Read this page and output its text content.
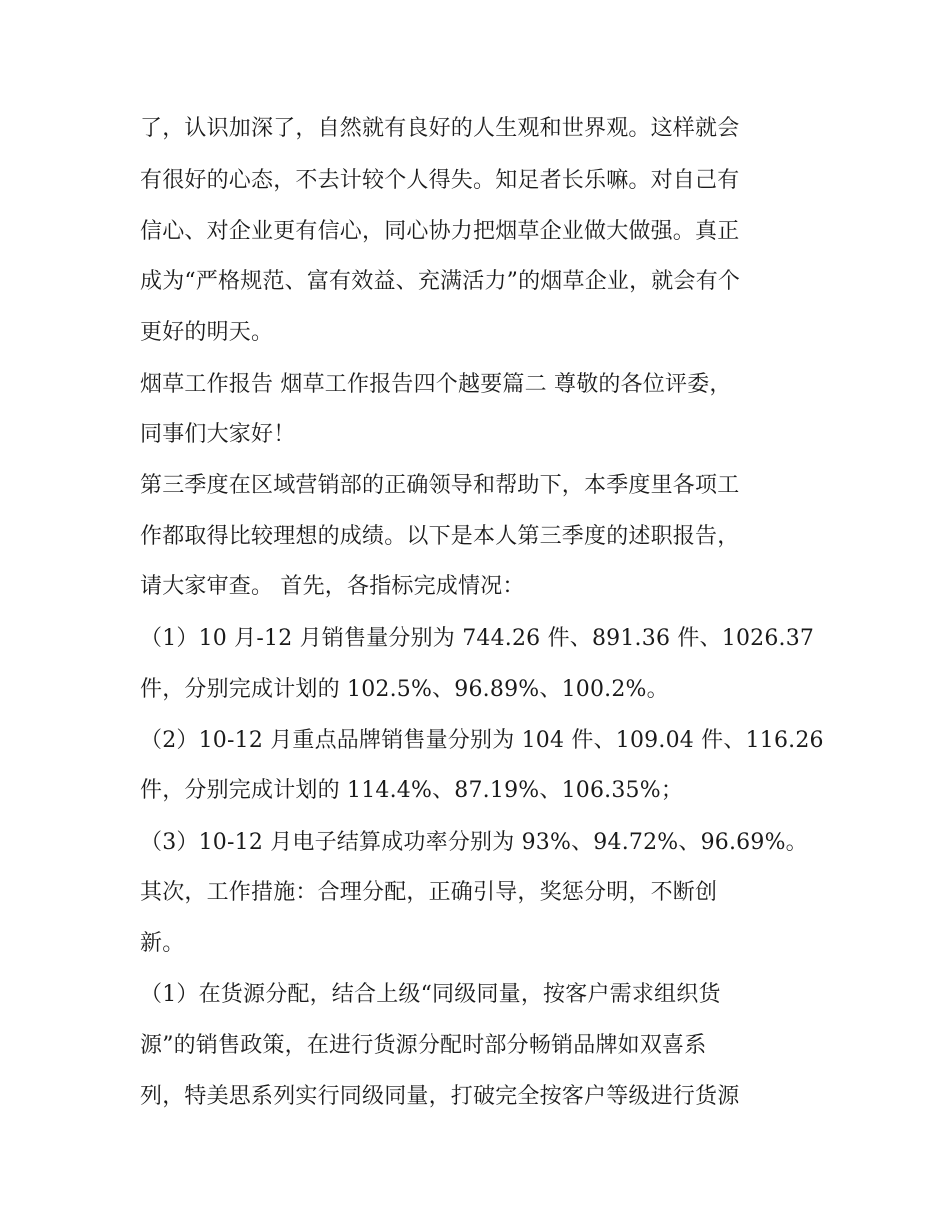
了，认识加深了，自然就有良好的人生观和世界观。这样就会
有很好的心态，不去计较个人得失。知足者长乐嘛。对自己有
信心、对企业更有信心，同心协力把烟草企业做大做强。真正
成为“严格规范、富有效益、充满活力”的烟草企业，就会有个
更好的明天。
烟草工作报告 烟草工作报告四个越要篇二 尊敬的各位评委，
同事们大家好！
第三季度在区域营销部的正确领导和帮助下，本季度里各项工
作都取得比较理想的成绩。以下是本人第三季度的述职报告，
请大家审查。 首先，各指标完成情况：
（1）10 月-12 月销售量分别为 744.26 件、891.36 件、1026.37
件，分别完成计划的 102.5%、96.89%、100.2%。
（2）10-12 月重点品牌销售量分别为 104 件、109.04 件、116.26
件，分别完成计划的 114.4%、87.19%、106.35%；
（3）10-12 月电子结算成功率分别为 93%、94.72%、96.69%。
其次，工作措施：合理分配，正确引导，奖惩分明，不断创
新。
（1）在货源分配，结合上级“同级同量，按客户需求组织货
源”的销售政策，在进行货源分配时部分畅销品牌如双喜系
列，特美思系列实行同级同量，打破完全按客户等级进行货源
